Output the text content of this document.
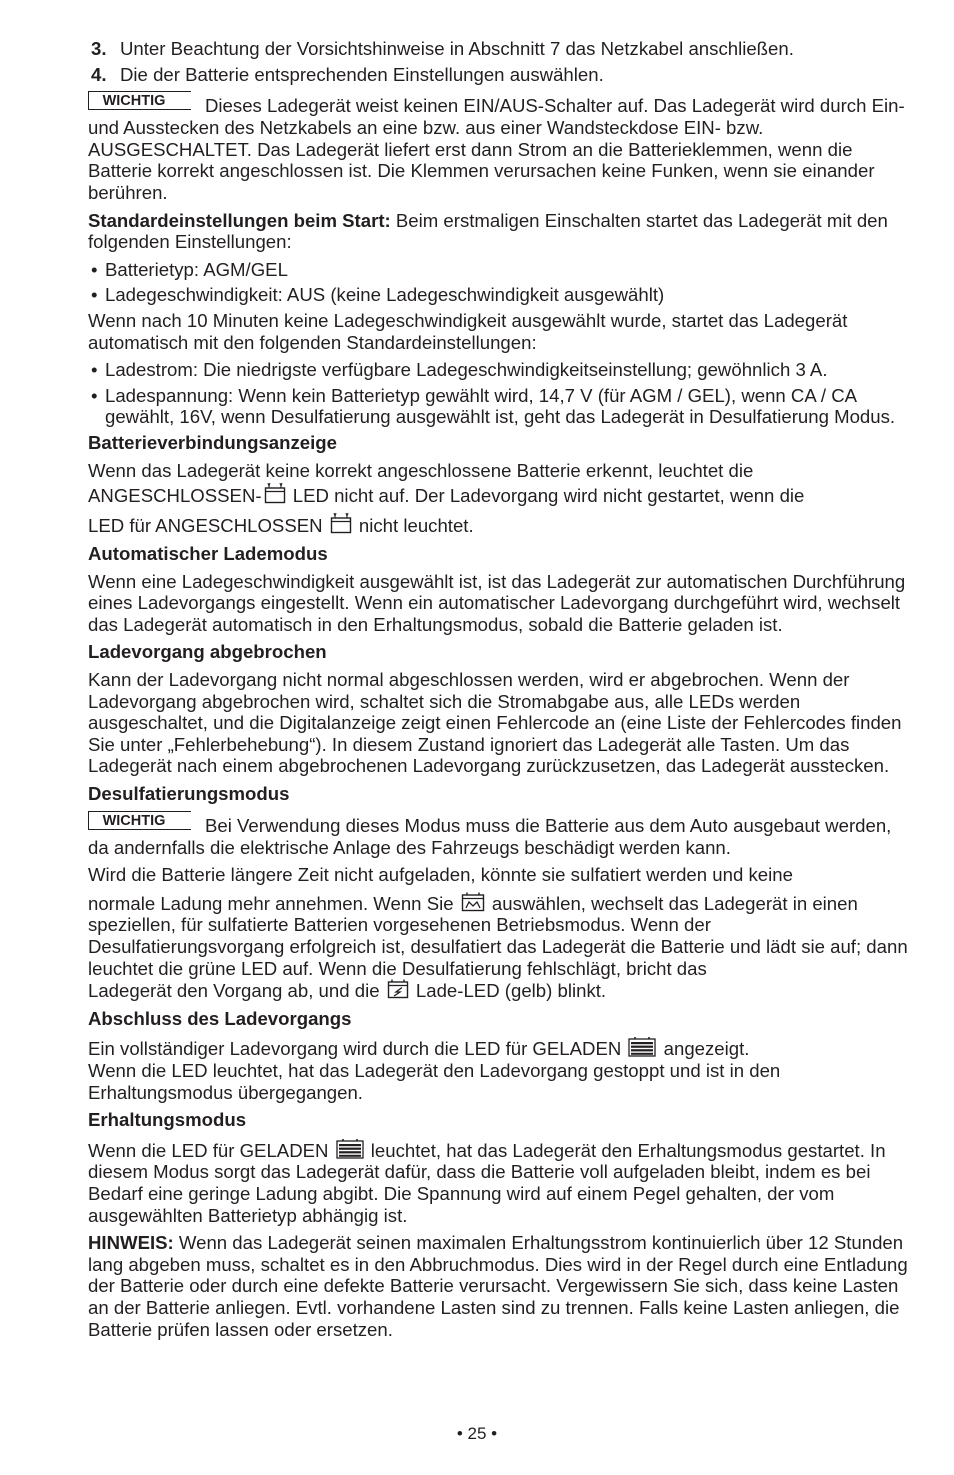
3. Unter Beachtung der Vorsichtshinweise in Abschnitt 7 das Netzkabel anschließen.

4. Die der Batterie entsprechenden Einstellungen auswählen.

WICHTIG Dieses Ladegerät weist keinen EIN/AUS-Schalter auf. Das Ladegerät wird durch Ein- und Ausstecken des Netzkabels an eine bzw. aus einer Wandsteckdose EIN- bzw. AUSGESCHALTET. Das Ladegerät liefert erst dann Strom an die Batterieklemmen, wenn die Batterie korrekt angeschlossen ist. Die Klemmen verursachen keine Funken, wenn sie einander berühren.

Standardeinstellungen beim Start: Beim erstmaligen Einschalten startet das Ladegerät mit den folgenden Einstellungen:

• Batterietyp: AGM/GEL

• Ladegeschwindigkeit: AUS (keine Ladegeschwindigkeit ausgewählt)

Wenn nach 10 Minuten keine Ladegeschwindigkeit ausgewählt wurde, startet das Ladegerät automatisch mit den folgenden Standardeinstellungen:

• Ladestrom: Die niedrigste verfügbare Ladegeschwindigkeitseinstellung; gewöhnlich 3 A.

• Ladespannung: Wenn kein Batterietyp gewählt wird, 14,7 V (für AGM / GEL), wenn CA / CA gewählt, 16V, wenn Desulfatierung ausgewählt ist, geht das Ladegerät in Desulfatierung Modus.

Batterieverbindungsanzeige

Wenn das Ladegerät keine korrekt angeschlossene Batterie erkennt, leuchtet die

ANGESCHLOSSEN- LED nicht auf. Der Ladevorgang wird nicht gestartet, wenn die
LED für ANGESCHLOSSEN  nicht leuchtet.

Automatischer Lademodus

Wenn eine Ladegeschwindigkeit ausgewählt ist, ist das Ladegerät zur automatischen Durchführung eines Ladevorgangs eingestellt. Wenn ein automatischer Ladevorgang durchgeführt wird, wechselt das Ladegerät automatisch in den Erhaltungsmodus, sobald die Batterie geladen ist.

Ladevorgang abgebrochen

Kann der Ladevorgang nicht normal abgeschlossen werden, wird er abgebrochen. Wenn der Ladevorgang abgebrochen wird, schaltet sich die Stromabgabe aus, alle LEDs werden ausgeschaltet, und die Digitalanzeige zeigt einen Fehlercode an (eine Liste der Fehlercodes finden Sie unter „Fehlerbehebung“). In diesem Zustand ignoriert das Ladegerät alle Tasten. Um das Ladegerät nach einem abgebrochenen Ladevorgang zurückzusetzen, das Ladegerät ausstecken.

Desulfatierungsmodus

WICHTIG Bei Verwendung dieses Modus muss die Batterie aus dem Auto ausgebaut werden, da andernfalls die elektrische Anlage des Fahrzeugs beschädigt werden kann.

Wird die Batterie längere Zeit nicht aufgeladen, könnte sie sulfatiert werden und keine

normale Ladung mehr annehmen. Wenn Sie  auswählen, wechselt das Ladegerät in einen speziellen, für sulfatierte Batterien vorgesehenen Betriebsmodus. Wenn der Desulfatierungsvorgang erfolgreich ist, desulfatiert das Ladegerät die Batterie und lädt sie auf; dann leuchtet die grüne LED auf. Wenn die Desulfatierung fehlschlägt, bricht das
Ladegerät den Vorgang ab, und die  Lade-LED (gelb) blinkt.

Abschluss des Ladevorgangs

Ein vollständiger Ladevorgang wird durch die LED für GELADEN  angezeigt.
Wenn die LED leuchtet, hat das Ladegerät den Ladevorgang gestoppt und ist in den Erhaltungsmodus übergegangen.

Erhaltungsmodus

Wenn die LED für GELADEN  leuchtet, hat das Ladegerät den Erhaltungsmodus gestartet. In diesem Modus sorgt das Ladegerät dafür, dass die Batterie voll aufgeladen bleibt, indem es bei Bedarf eine geringe Ladung abgibt. Die Spannung wird auf einem Pegel gehalten, der vom ausgewählten Batterietyp abhängig ist.

HINWEIS: Wenn das Ladegerät seinen maximalen Erhaltungsstrom kontinuierlich über 12 Stunden lang abgeben muss, schaltet es in den Abbruchmodus. Dies wird in der Regel durch eine Entladung der Batterie oder durch eine defekte Batterie verursacht. Vergewissern Sie sich, dass keine Lasten an der Batterie anliegen. Evtl. vorhandene Lasten sind zu trennen. Falls keine Lasten anliegen, die Batterie prüfen lassen oder ersetzen.

• 25 •
